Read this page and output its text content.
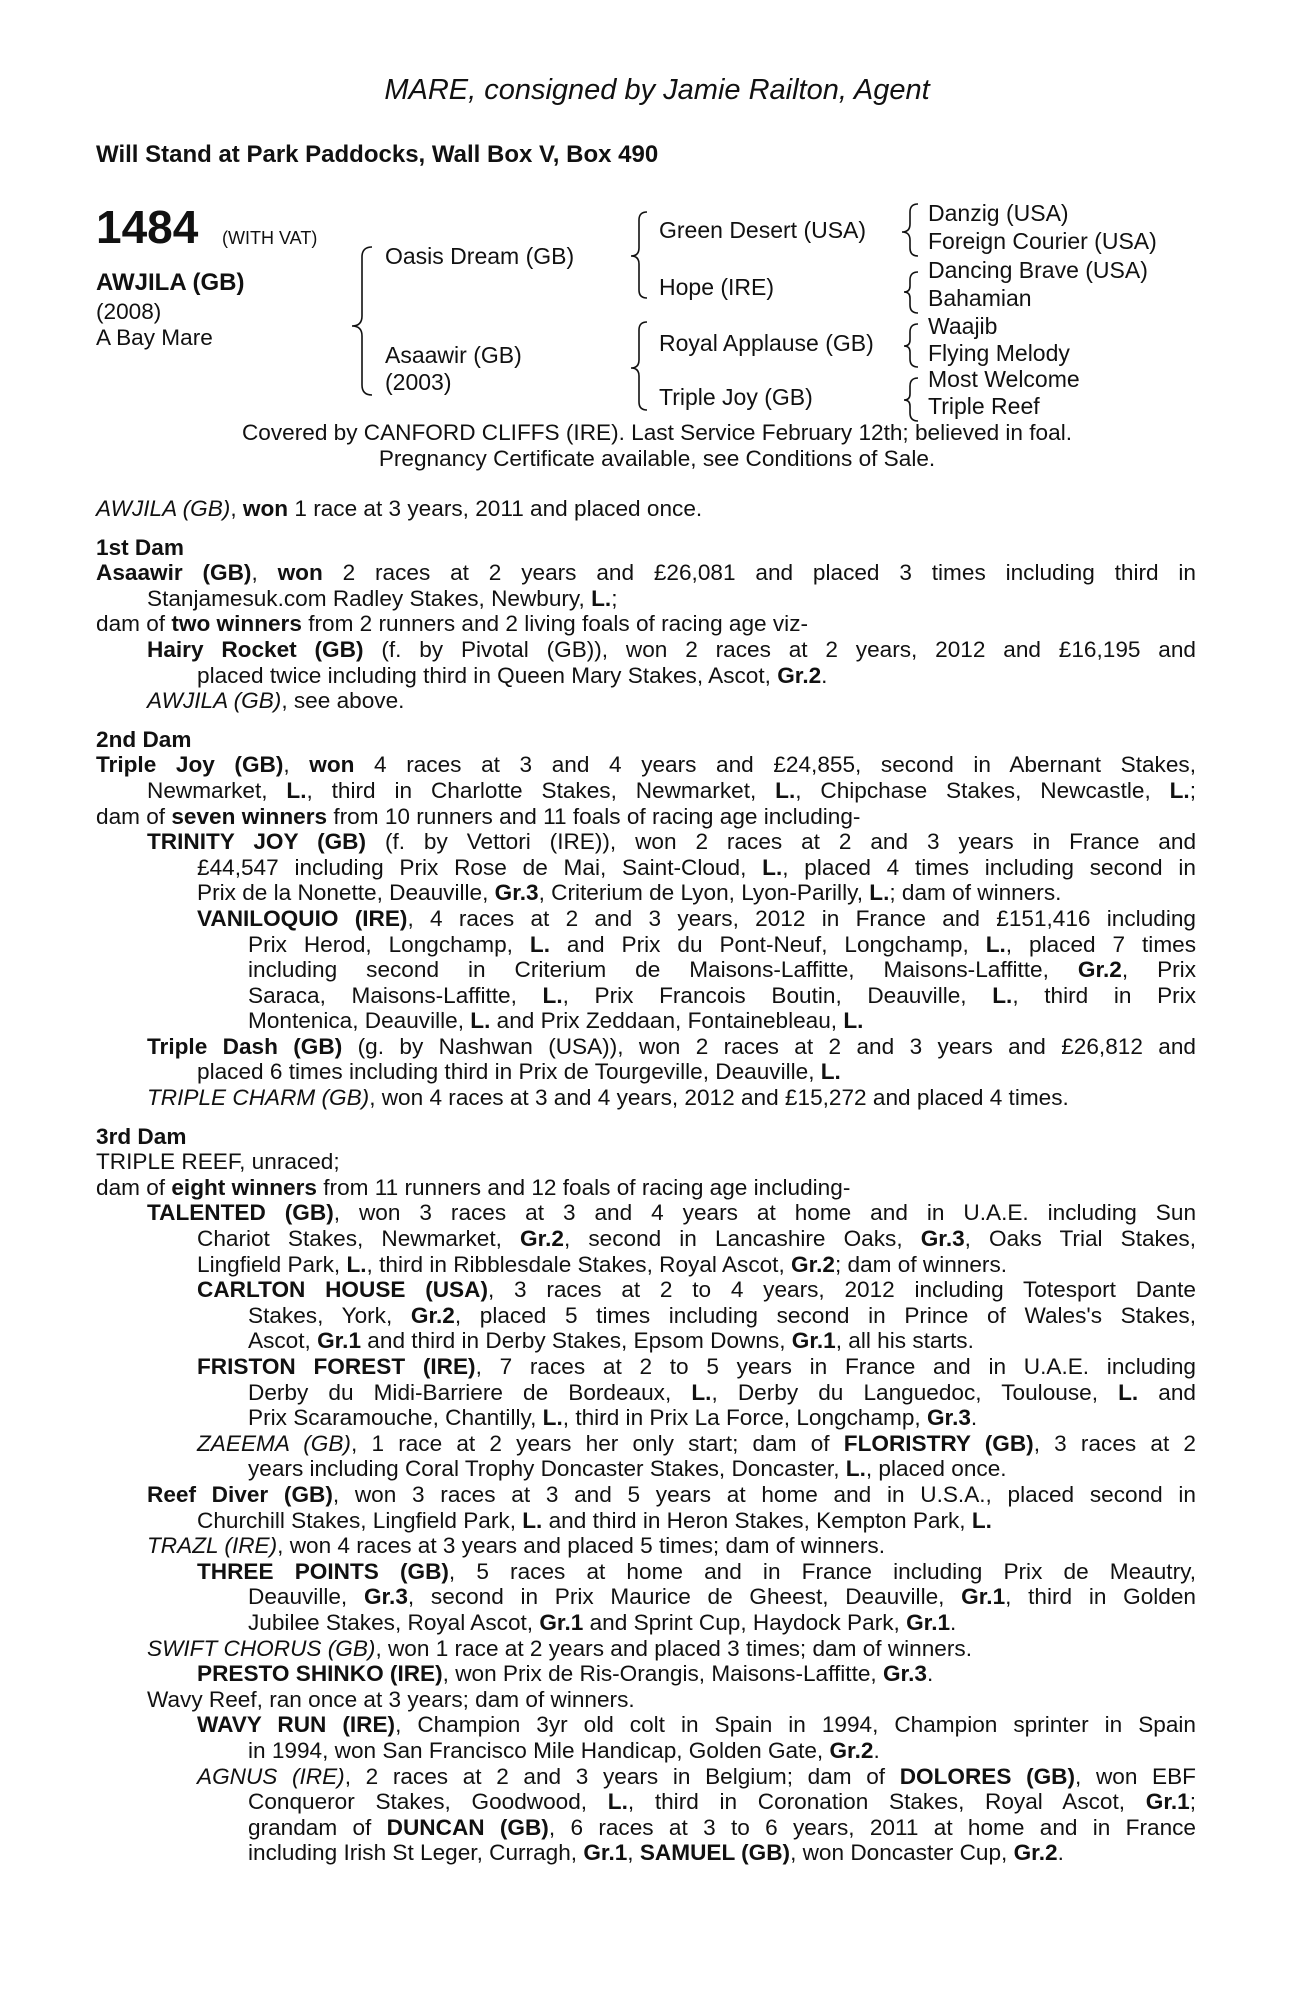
MARE, consigned by Jamie Railton, Agent
Will Stand at Park Paddocks, Wall Box V, Box 490
1484 (WITH VAT)
AWJILA (GB)
(2008)
A Bay Mare
Oasis Dream (GB)
Asaawir (GB)
(2003)
Green Desert (USA)
Hope (IRE)
Royal Applause (GB)
Triple Joy (GB)
Danzig (USA)
Foreign Courier (USA)
Dancing Brave (USA)
Bahamian
Waajib
Flying Melody
Most Welcome
Triple Reef
Covered by CANFORD CLIFFS (IRE). Last Service February 12th; believed in foal.
Pregnancy Certificate available, see Conditions of Sale.
AWJILA (GB), won 1 race at 3 years, 2011 and placed once.
1st Dam
Asaawir (GB), won 2 races at 2 years and £26,081 and placed 3 times including third in
Stanjamesuk.com Radley Stakes, Newbury, L.;
dam of two winners from 2 runners and 2 living foals of racing age viz-
Hairy Rocket (GB) (f. by Pivotal (GB)), won 2 races at 2 years, 2012 and £16,195 and
placed twice including third in Queen Mary Stakes, Ascot, Gr.2.
AWJILA (GB), see above.
2nd Dam
Triple Joy (GB), won 4 races at 3 and 4 years and £24,855, second in Abernant Stakes,
Newmarket, L., third in Charlotte Stakes, Newmarket, L., Chipchase Stakes, Newcastle, L.;
dam of seven winners from 10 runners and 11 foals of racing age including-
TRINITY JOY (GB) (f. by Vettori (IRE)), won 2 races at 2 and 3 years in France and
£44,547 including Prix Rose de Mai, Saint-Cloud, L., placed 4 times including second in
Prix de la Nonette, Deauville, Gr.3, Criterium de Lyon, Lyon-Parilly, L.; dam of winners.
VANILOQUIO (IRE), 4 races at 2 and 3 years, 2012 in France and £151,416 including
Prix Herod, Longchamp, L. and Prix du Pont-Neuf, Longchamp, L., placed 7 times
including second in Criterium de Maisons-Laffitte, Maisons-Laffitte, Gr.2, Prix
Saraca, Maisons-Laffitte, L., Prix Francois Boutin, Deauville, L., third in Prix
Montenica, Deauville, L. and Prix Zeddaan, Fontainebleau, L.
Triple Dash (GB) (g. by Nashwan (USA)), won 2 races at 2 and 3 years and £26,812 and
placed 6 times including third in Prix de Tourgeville, Deauville, L.
TRIPLE CHARM (GB), won 4 races at 3 and 4 years, 2012 and £15,272 and placed 4 times.
3rd Dam
TRIPLE REEF, unraced;
dam of eight winners from 11 runners and 12 foals of racing age including-
TALENTED (GB), won 3 races at 3 and 4 years at home and in U.A.E. including Sun
Chariot Stakes, Newmarket, Gr.2, second in Lancashire Oaks, Gr.3, Oaks Trial Stakes,
Lingfield Park, L., third in Ribblesdale Stakes, Royal Ascot, Gr.2; dam of winners.
CARLTON HOUSE (USA), 3 races at 2 to 4 years, 2012 including Totesport Dante
Stakes, York, Gr.2, placed 5 times including second in Prince of Wales's Stakes,
Ascot, Gr.1 and third in Derby Stakes, Epsom Downs, Gr.1, all his starts.
FRISTON FOREST (IRE), 7 races at 2 to 5 years in France and in U.A.E. including
Derby du Midi-Barriere de Bordeaux, L., Derby du Languedoc, Toulouse, L. and
Prix Scaramouche, Chantilly, L., third in Prix La Force, Longchamp, Gr.3.
ZAEEMA (GB), 1 race at 2 years her only start; dam of FLORISTRY (GB), 3 races at 2
years including Coral Trophy Doncaster Stakes, Doncaster, L., placed once.
Reef Diver (GB), won 3 races at 3 and 5 years at home and in U.S.A., placed second in
Churchill Stakes, Lingfield Park, L. and third in Heron Stakes, Kempton Park, L.
TRAZL (IRE), won 4 races at 3 years and placed 5 times; dam of winners.
THREE POINTS (GB), 5 races at home and in France including Prix de Meautry,
Deauville, Gr.3, second in Prix Maurice de Gheest, Deauville, Gr.1, third in Golden
Jubilee Stakes, Royal Ascot, Gr.1 and Sprint Cup, Haydock Park, Gr.1.
SWIFT CHORUS (GB), won 1 race at 2 years and placed 3 times; dam of winners.
PRESTO SHINKO (IRE), won Prix de Ris-Orangis, Maisons-Laffitte, Gr.3.
Wavy Reef, ran once at 3 years; dam of winners.
WAVY RUN (IRE), Champion 3yr old colt in Spain in 1994, Champion sprinter in Spain
in 1994, won San Francisco Mile Handicap, Golden Gate, Gr.2.
AGNUS (IRE), 2 races at 2 and 3 years in Belgium; dam of DOLORES (GB), won EBF
Conqueror Stakes, Goodwood, L., third in Coronation Stakes, Royal Ascot, Gr.1;
grandam of DUNCAN (GB), 6 races at 3 to 6 years, 2011 at home and in France
including Irish St Leger, Curragh, Gr.1, SAMUEL (GB), won Doncaster Cup, Gr.2.
